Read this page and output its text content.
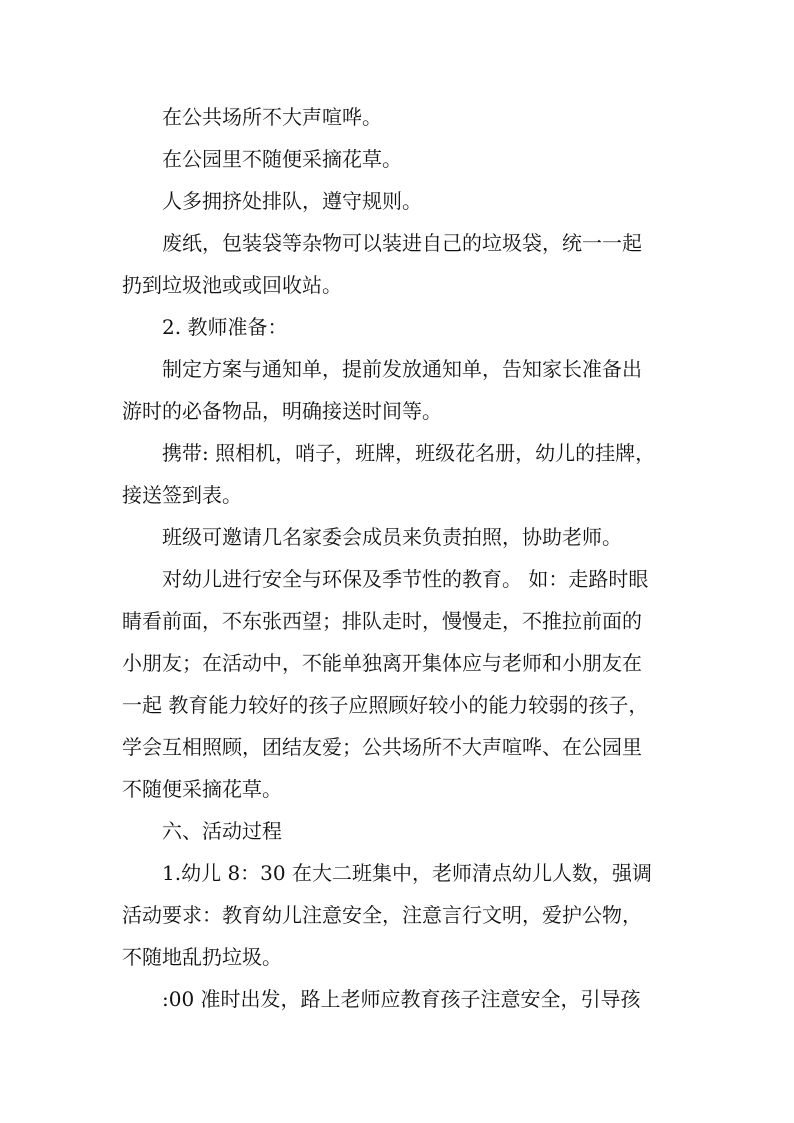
在公共场所不大声喧哗。
在公园里不随便采摘花草。
人多拥挤处排队，遵守规则。
废纸，包装袋等杂物可以装进自己的垃圾袋，统一一起
扔到垃圾池或或回收站。
2. 教师准备：
制定方案与通知单，提前发放通知单，告知家长准备出
游时的必备物品，明确接送时间等。
携带: 照相机，哨子，班牌，班级花名册，幼儿的挂牌，
接送签到表。
班级可邀请几名家委会成员来负责拍照，协助老师。
对幼儿进行安全与环保及季节性的教育。 如：走路时眼
睛看前面，不东张西望；排队走时，慢慢走，不推拉前面的
小朋友；在活动中，不能单独离开集体应与老师和小朋友在
一起 教育能力较好的孩子应照顾好较小的能力较弱的孩子，
学会互相照顾，团结友爱；公共场所不大声喧哗、在公园里
不随便采摘花草。
六、活动过程
1.幼儿 8：30 在大二班集中，老师清点幼儿人数，强调
活动要求：教育幼儿注意安全，注意言行文明，爱护公物，
不随地乱扔垃圾。
:00 准时出发，路上老师应教育孩子注意安全，引导孩
